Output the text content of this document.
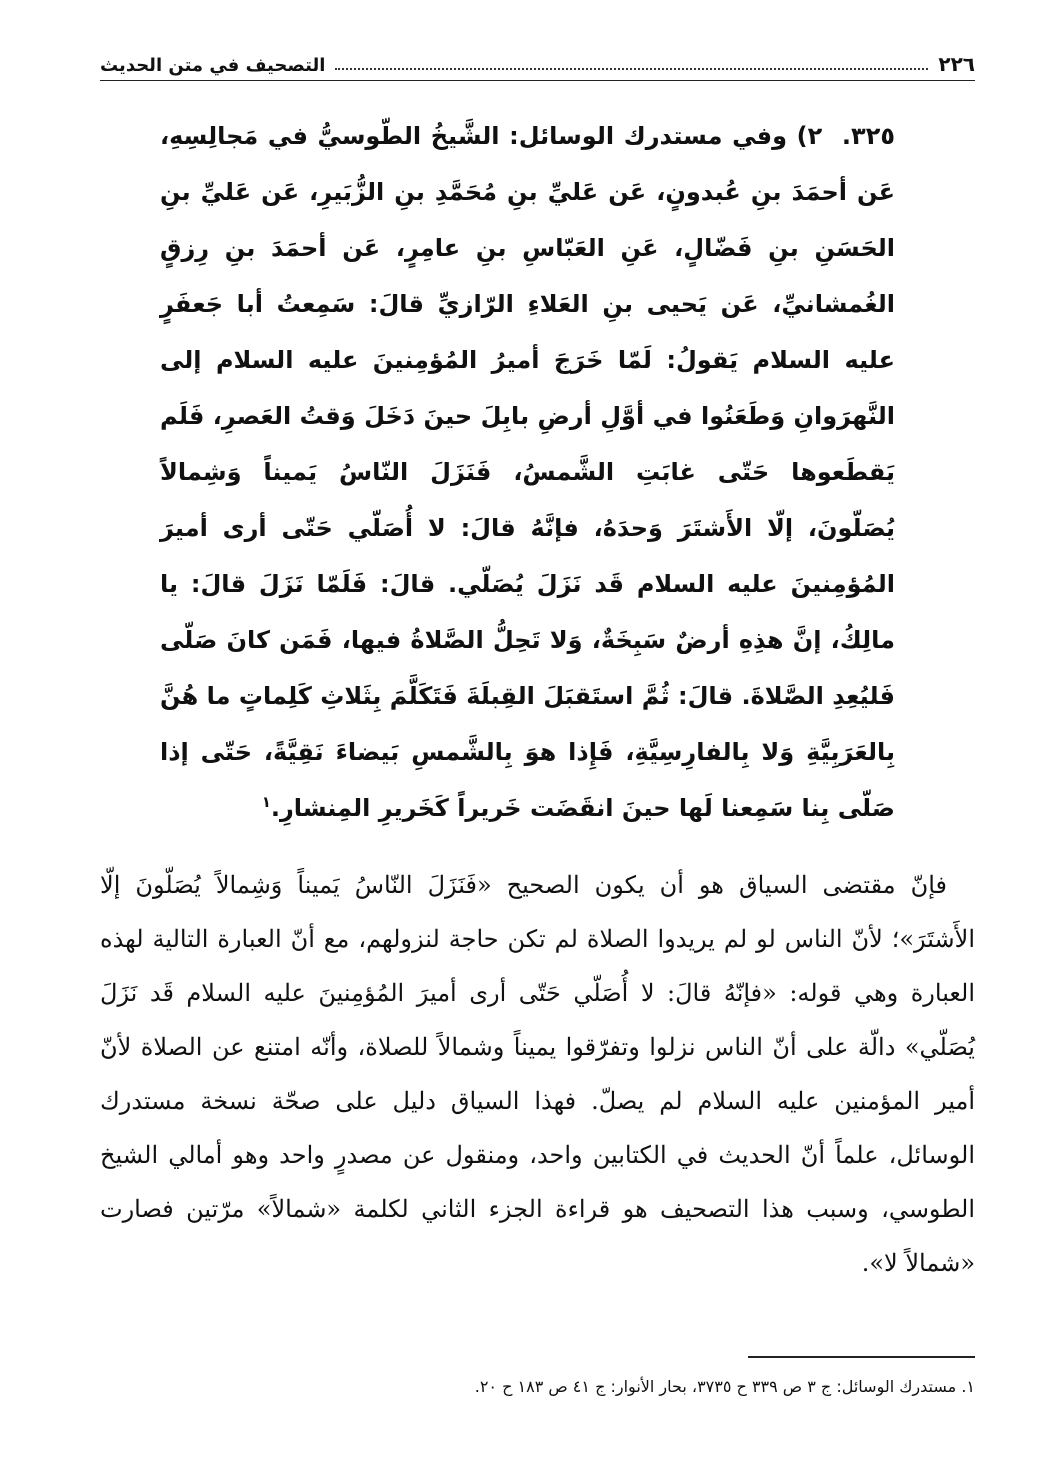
٢٢٦
التصحيف في متن الحديث
٣٢٥. ٢) وفي مستدرك الوسائل: الشَّيخُ الطّوسيُّ في مَجالِسِهِ، عَن أحمَدَ بنِ عُبدونٍ، عَن عَليِّ بنِ مُحَمَّدِ بنِ الزُّبَيرِ، عَن عَليِّ بنِ الحَسَنِ بنِ فَضّالٍ، عَنِ العَبّاسِ بنِ عامِرٍ، عَن أحمَدَ بنِ رِزقٍ الغُمشانيِّ، عَن يَحيى بنِ العَلاءِ الرّازيِّ قالَ: سَمِعتُ أبا جَعفَرٍ عليه السلام يَقولُ: لَمّا خَرَجَ أميرُ المُؤمِنينَ عليه السلام إلى النَّهرَوانِ وَطَعَنُوا في أوَّلِ أرضِ بابِلَ حينَ دَخَلَ وَقتُ العَصرِ، فَلَم يَقطَعوها حَتّى غابَتِ الشَّمسُ، فَنَزَلَ النّاسُ يَميناً وَشِمالاً يُصَلّونَ، إلّا الأَشتَرَ وَحدَهُ، فإنَّهُ قالَ: لا أُصَلّي حَتّى أرى أميرَ المُؤمِنينَ عليه السلام قَد نَزَلَ يُصَلّي. قالَ: فَلَمّا نَزَلَ قالَ: يا مالِكُ، إنَّ هذِهِ أرضٌ سَبِخَةٌ، وَلا تَحِلُّ الصَّلاةُ فيها، فَمَن كانَ صَلّى فَليُعِدِ الصَّلاةَ. قالَ: ثُمَّ استَقبَلَ القِبلَةَ فَتَكَلَّمَ بِثَلاثِ كَلِماتٍ ما هُنَّ بِالعَرَبِيَّةِ وَلا بِالفارِسِيَّةِ، فَإِذا هوَ بِالشَّمسِ بَيضاءَ نَقِيَّةً، حَتّى إذا صَلّى بِنا سَمِعنا لَها حينَ انقَضَت خَريراً كَخَريرِ المِنشارِ.$^١$

فإنّ مقتضى السياق هو أن يكون الصحيح «فَنَزَلَ النّاسُ يَميناً وَشِمالاً يُصَلّونَ إلّا الأَشتَرَ»؛ لأنّ الناس لو لم يريدوا الصلاة لم تكن حاجة لنزولهم، مع أنّ العبارة التالية لهذه العبارة وهي قوله: «فإنّهُ قالَ: لا أُصَلّي حَتّى أرى أميرَ المُؤمِنينَ عليه السلام قَد نَزَلَ يُصَلّي» دالّة على أنّ الناس نزلوا وتفرّقوا يميناً وشمالاً للصلاة، وأنّه امتنع عن الصلاة لأنّ أمير المؤمنين عليه السلام لم يصلّ. فهذا السياق دليل على صحّة نسخة مستدرك الوسائل، علماً أنّ الحديث في الكتابين واحد، ومنقول عن مصدرٍ واحد وهو أمالي الشيخ الطوسي، وسبب هذا التصحيف هو قراءة الجزء الثاني لكلمة «شمالاً» مرّتين فصارت «شمالاً لا».

١. مستدرك الوسائل: ج ٣ ص ٣٣٩ ح ٣٧٣٥، بحار الأنوار: ج ٤١ ص ١٨٣ ح ٢٠.
